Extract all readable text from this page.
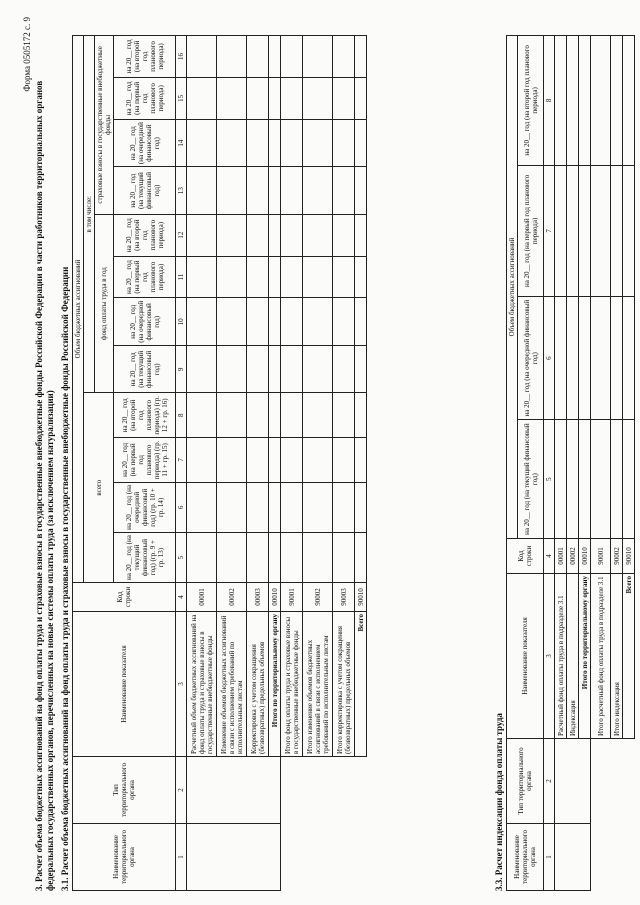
Форма 0505172 с. 9
3. Расчет объема бюджетных ассигнований на фонд оплаты труда и страховые взносы в государственные внебюджетные фонды Российской Федерации в части работников территориальных органов федеральных государственных органов, перечисленных на новые системы оплаты труда (за исключением натурализации) 3.1. Расчет объема бюджетных ассигнований на фонд оплаты труда и страховые взносы в государственные внебюджетные фонды Российской Федерации	Наименование территориального органа	Тип территориального органа	Наименование показателя	Код строки	Объем бюджетных ассигнований											
				всего				в том числе:							
								фонд оплаты труда в год				страховые взносы в государственные внебюджетные фонды			
				на 20__ год (на текущий финансовый год) (гр. 9 + гр. 13)	на 20__ год (на очередной финансовый год) (гр. 10 + гр. 14)	на 20__ год (на первый год планового периода) (гр. 11 + гр. 15)	на 20__ год (на второй год планового периода) (гр. 12 + гр. 16)	на 20__ год (на текущий финансовый год)	на 20__ год (на очередной финансовый год)	на 20__ год (на первый год планового периода)	на 20__ год (на второй год планового периода)	на 20__ год (на текущий финансовый год)	на 20__ год (на очередной финансовый год)	на 20__ год (на первый год планового периода)	на 20__ год (на второй год планового периода)
1	2	3	4	5	6	7	8	9	10	11	12	13	14	15	16
		Расчетный объем бюджетных ассигнований на фонд оплаты труда и страховые взносы в государственные внебюджетные фонды	00001												
		Изменение объемов бюджетных ассигнований в связи с исполнением требований по исполнительным листам	00002												
		Корректировка с учетом сокращения (безвозвратных) предельных объемов	00003												
		Итого по территориальному органу	00010												
		Итого фонд оплаты труда и страховые взносы в государственные внебюджетные фонды	90001												
		Итого изменение объемов бюджетных ассигнований в связи с исполнением требований по исполнительным листам	90002												
		Итого корректировка с учетом сокращения (безвозвратных) предельных объемов	90003												
		Всего	90010												
3.3. Расчет индексации фонда оплаты труда Наименование территориального органа	Тип территориального органа	Наименование показателя	Код строки	Объем бюджетных ассигнований			
				на 20__ год (на текущий финансовый год)	на 20__ год (на очередной финансовый год)	на 20__ год (на первый год планового периода)	на 20__ год (на второй год планового периода)
1	2	3	4	5	6	7	8
		Расчетный фонд оплаты труда в подразделе 3.1	00001				
		Индексация	00002				
		Итого по территориальному органу	00010				
		Итого расчетный фонд оплаты труда в подразделе 3.1	90001				
		Итого индексация	90002				
		Всего	90010				
